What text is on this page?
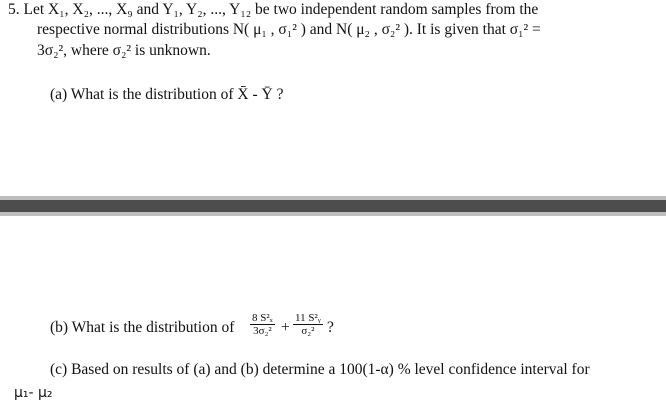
5. Let X₁, X₂, ..., X₉ and Y₁, Y₂, ..., Y₁₂ be two independent random samples from the
respective normal distributions N( μ₁ , σ₁² ) and N( μ₂ , σ₂² ). It is given that σ₁² =
3σ₂², where σ₂² is unknown.
(a) What is the distribution of X̄ - Ȳ ?
(b) What is the distribution of $\frac{\text{8 S²ₓ}}{\text{3σ₂²}} + \frac{\text{11 S²ᵧ}}{\text{σ₂²}}$ ?
(c) Based on results of (a) and (b) determine a 100(1-α) % level confidence interval for
μ₁- μ₂
